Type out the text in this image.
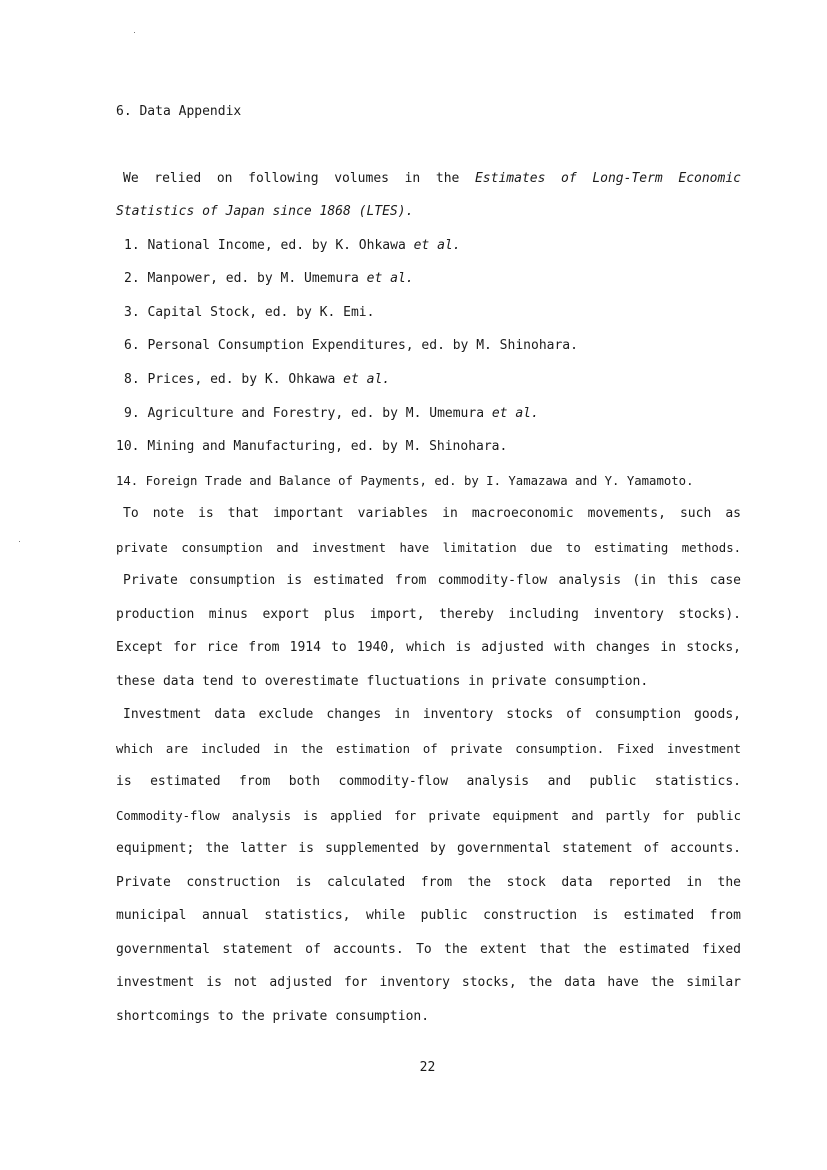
6. Data Appendix
We relied on following volumes in the Estimates of Long-Term Economic
Statistics of Japan since 1868 (LTES).
1. National Income, ed. by K. Ohkawa et al.
2. Manpower, ed. by M. Umemura et al.
3. Capital Stock, ed. by K. Emi.
6. Personal Consumption Expenditures, ed. by M. Shinohara.
8. Prices, ed. by K. Ohkawa et al.
9. Agriculture and Forestry, ed. by M. Umemura et al.
10. Mining and Manufacturing, ed. by M. Shinohara.
14. Foreign Trade and Balance of Payments, ed. by I. Yamazawa and Y. Yamamoto.
To note is that important variables in macroeconomic movements, such as
private consumption and investment have limitation due to estimating methods.
Private consumption is estimated from commodity-flow analysis (in this case
production minus export plus import, thereby including inventory stocks).
Except for rice from 1914 to 1940, which is adjusted with changes in stocks,
these data tend to overestimate fluctuations in private consumption.
Investment data exclude changes in inventory stocks of consumption goods,
which are included in the estimation of private consumption. Fixed investment
is estimated from both commodity-flow analysis and public statistics.
Commodity-flow analysis is applied for private equipment and partly for public
equipment; the latter is supplemented by governmental statement of accounts.
Private construction is calculated from the stock data reported in the
municipal annual statistics, while public construction is estimated from
governmental statement of accounts. To the extent that the estimated fixed
investment is not adjusted for inventory stocks, the data have the similar
shortcomings to the private consumption.
22
